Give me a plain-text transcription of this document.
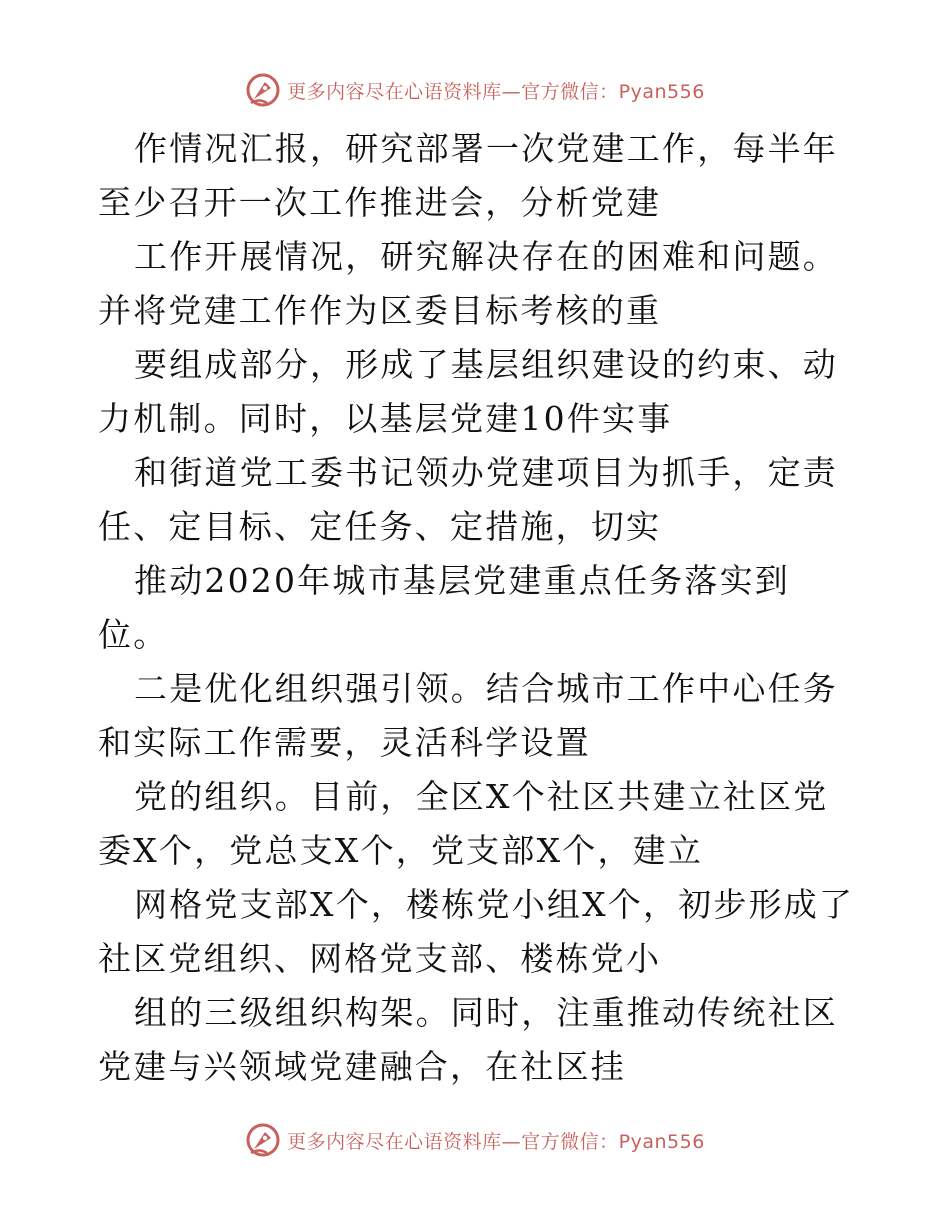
更多内容尽在心语资料库—官方微信：Pyan556

作情况汇报，研究部署一次党建工作，每半年至少召开一次工作推进会，分析党建

工作开展情况，研究解决存在的困难和问题。并将党建工作作为区委目标考核的重

要组成部分，形成了基层组织建设的约束、动力机制。同时，以基层党建10件实事

和街道党工委书记领办党建项目为抓手，定责任、定目标、定任务、定措施，切实

推动2020年城市基层党建重点任务落实到位。

二是优化组织强引领。结合城市工作中心任务和实际工作需要，灵活科学设置

党的组织。目前，全区X个社区共建立社区党委X个，党总支X个，党支部X个，建立

网格党支部X个，楼栋党小组X个，初步形成了社区党组织、网格党支部、楼栋党小

组的三级组织构架。同时，注重推动传统社区党建与兴领域党建融合，在社区挂

更多内容尽在心语资料库—官方微信：Pyan556
